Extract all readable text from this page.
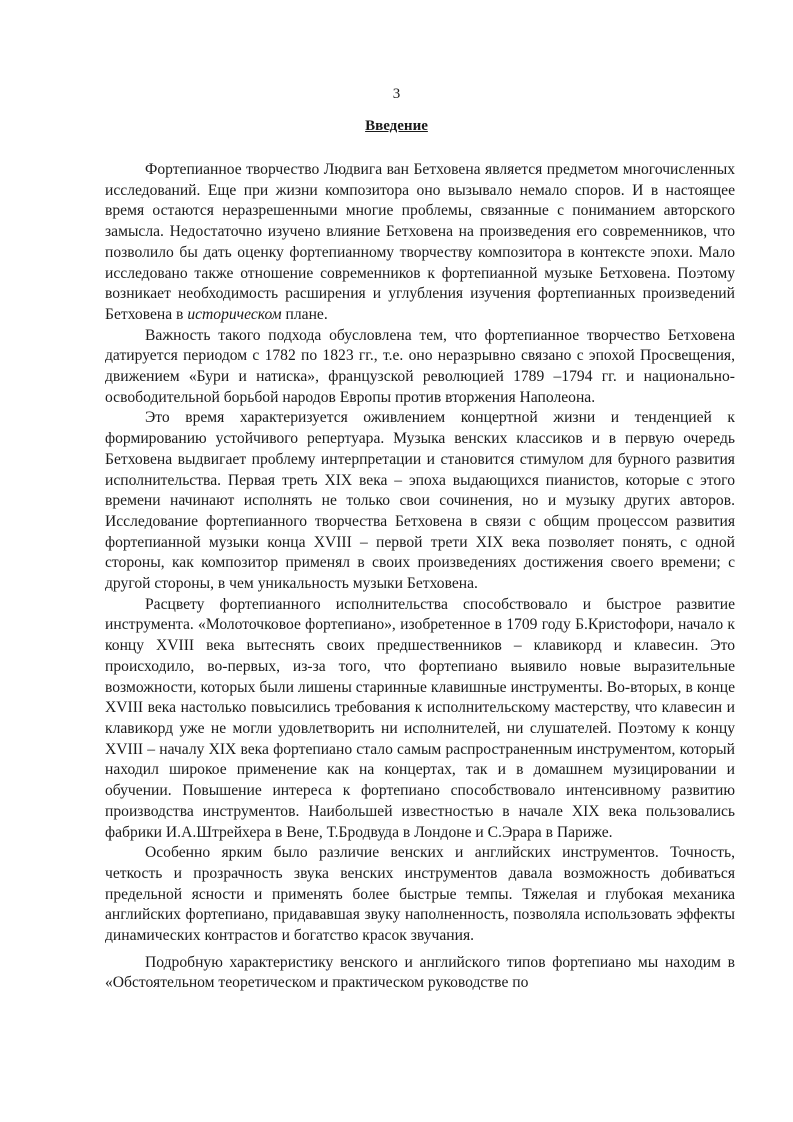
3
Введение

Фортепианное творчество Людвига ван Бетховена является предметом многочисленных исследований. Еще при жизни композитора оно вызывало немало споров. И в настоящее время остаются неразрешенными многие проблемы, связанные с пониманием авторского замысла. Недостаточно изучено влияние Бетховена на произведения его современников, что позволило бы дать оценку фортепианному творчеству композитора в контексте эпохи. Мало исследовано также отношение современников к фортепианной музыке Бетховена. Поэтому возникает необходимость расширения и углубления изучения фортепианных произведений Бетховена в историческом плане.

Важность такого подхода обусловлена тем, что фортепианное творчество Бетховена датируется периодом с 1782 по 1823 гг., т.е. оно неразрывно связано с эпохой Просвещения, движением «Бури и натиска», французской революцией 1789 –1794 гг. и национально-освободительной борьбой народов Европы против вторжения Наполеона.

Это время характеризуется оживлением концертной жизни и тенденцией к формированию устойчивого репертуара. Музыка венских классиков и в первую очередь Бетховена выдвигает проблему интерпретации и становится стимулом для бурного развития исполнительства. Первая треть XIX века – эпоха выдающихся пианистов, которые с этого времени начинают исполнять не только свои сочинения, но и музыку других авторов. Исследование фортепианного творчества Бетховена в связи с общим процессом развития фортепианной музыки конца XVIII – первой трети XIX века позволяет понять, с одной стороны, как композитор применял в своих произведениях достижения своего времени; с другой стороны, в чем уникальность музыки Бетховена.

Расцвету фортепианного исполнительства способствовало и быстрое развитие инструмента. «Молоточковое фортепиано», изобретенное в 1709 году Б.Кристофори, начало к концу XVIII века вытеснять своих предшественников – клавикорд и клавесин. Это происходило, во-первых, из-за того, что фортепиано выявило новые выразительные возможности, которых были лишены старинные клавишные инструменты. Во-вторых, в конце XVIII века настолько повысились требования к исполнительскому мастерству, что клавесин и клавикорд уже не могли удовлетворить ни исполнителей, ни слушателей. Поэтому к концу XVIII – началу XIX века фортепиано стало самым распространенным инструментом, который находил широкое применение как на концертах, так и в домашнем музицировании и обучении. Повышение интереса к фортепиано способствовало интенсивному развитию производства инструментов. Наибольшей известностью в начале XIX века пользовались фабрики И.А.Штрейхера в Вене, Т.Бродвуда в Лондоне и С.Эрара в Париже.

Особенно ярким было различие венских и английских инструментов. Точность, четкость и прозрачность звука венских инструментов давала возможность добиваться предельной ясности и применять более быстрые темпы. Тяжелая и глубокая механика английских фортепиано, придававшая звуку наполненность, позволяла использовать эффекты динамических контрастов и богатство красок звучания.

Подробную характеристику венского и английского типов фортепиано мы находим в «Обстоятельном теоретическом и практическом руководстве по
